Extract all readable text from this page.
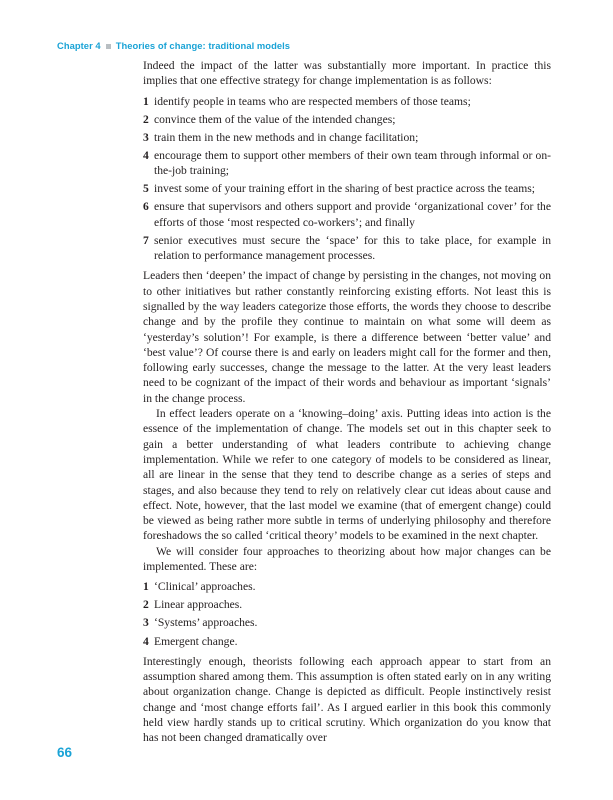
Chapter 4 Theories of change: traditional models

Indeed the impact of the latter was substantially more important. In practice this implies that one effective strategy for change implementation is as follows:

1 identify people in teams who are respected members of those teams;
2 convince them of the value of the intended changes;
3 train them in the new methods and in change facilitation;
4 encourage them to support other members of their own team through informal or on-the-job training;
5 invest some of your training effort in the sharing of best practice across the teams;
6 ensure that supervisors and others support and provide ‘organizational cover’ for the efforts of those ‘most respected co-workers’; and finally
7 senior executives must secure the ‘space’ for this to take place, for example in relation to performance management processes.

Leaders then ‘deepen’ the impact of change by persisting in the changes, not moving on to other initiatives but rather constantly reinforcing existing efforts. Not least this is signalled by the way leaders categorize those efforts, the words they choose to describe change and by the profile they continue to maintain on what some will deem as ‘yesterday’s solution’! For example, is there a difference between ‘better value’ and ‘best value’? Of course there is and early on leaders might call for the former and then, following early successes, change the message to the latter. At the very least leaders need to be cognizant of the impact of their words and behaviour as important ‘signals’ in the change process.

In effect leaders operate on a ‘knowing–doing’ axis. Putting ideas into action is the essence of the implementation of change. The models set out in this chapter seek to gain a better understanding of what leaders contribute to achieving change implementation. While we refer to one category of models to be considered as linear, all are linear in the sense that they tend to describe change as a series of steps and stages, and also because they tend to rely on relatively clear cut ideas about cause and effect. Note, however, that the last model we examine (that of emergent change) could be viewed as being rather more subtle in terms of underlying philosophy and therefore foreshadows the so called ‘critical theory’ models to be examined in the next chapter.

We will consider four approaches to theorizing about how major changes can be implemented. These are:

1 ‘Clinical’ approaches.
2 Linear approaches.
3 ‘Systems’ approaches.
4 Emergent change.

Interestingly enough, theorists following each approach appear to start from an assumption shared among them. This assumption is often stated early on in any writing about organization change. Change is depicted as difficult. People instinctively resist change and ‘most change efforts fail’. As I argued earlier in this book this commonly held view hardly stands up to critical scrutiny. Which organization do you know that has not been changed dramatically over

66
